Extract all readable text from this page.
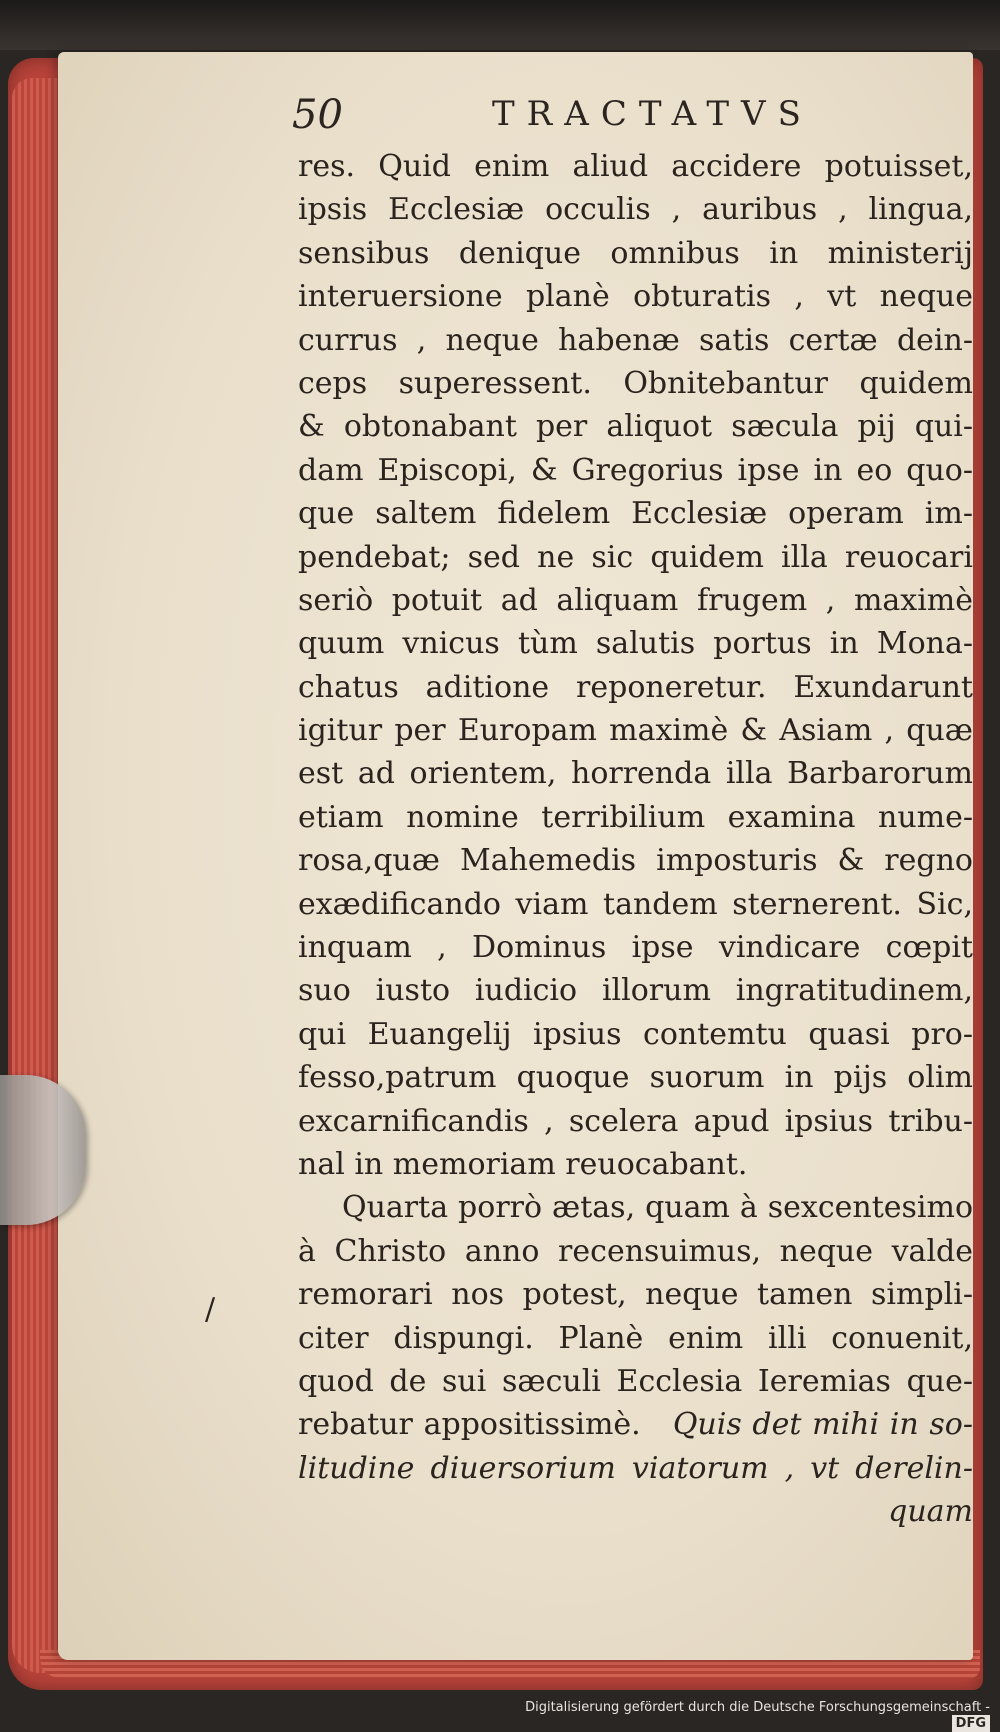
50	TRACTATVS
res. Quid enim aliud accidere potuisset,
ipsis Ecclesiæ occulis , auribus , lingua,
sensibus denique omnibus in ministerij
interuersione planè obturatis , vt neque
currus , neque habenæ satis certæ dein-
ceps superessent. Obnitebantur quidem
& obtonabant per aliquot sæcula pij qui-
dam Episcopi, & Gregorius ipse in eo quo-
que saltem fidelem Ecclesiæ operam im-
pendebat; sed ne sic quidem illa reuocari
seriò potuit ad aliquam frugem , maximè
quum vnicus tùm salutis portus in Mona-
chatus aditione reponeretur. Exundarunt
igitur per Europam maximè & Asiam , quæ
est ad orientem, horrenda illa Barbarorum
etiam nomine terribilium examina nume-
rosa,quæ Mahemedis imposturis & regno
exædificando viam tandem sternerent. Sic,
inquam , Dominus ipse vindicare cœpit
suo iusto iudicio illorum ingratitudinem,
qui Euangelij ipsius contemtu quasi pro-
fesso,patrum quoque suorum in pijs olim
excarnificandis , scelera apud ipsius tribu-
nal in memoriam reuocabant.
Quarta porrò ætas, quam à sexcentesimo
à Christo anno recensuimus, neque valde
remorari nos potest, neque tamen simpli-
citer dispungi. Planè enim illi conuenit,
quod de sui sæculi Ecclesia Ieremias que-
rebatur appositissimè. Quis det mihi in so-
litudine diuersorium viatorum , vt derelin-
quam
/
Digitalisierung gefördert durch die Deutsche Forschungsgemeinschaft -DFG
